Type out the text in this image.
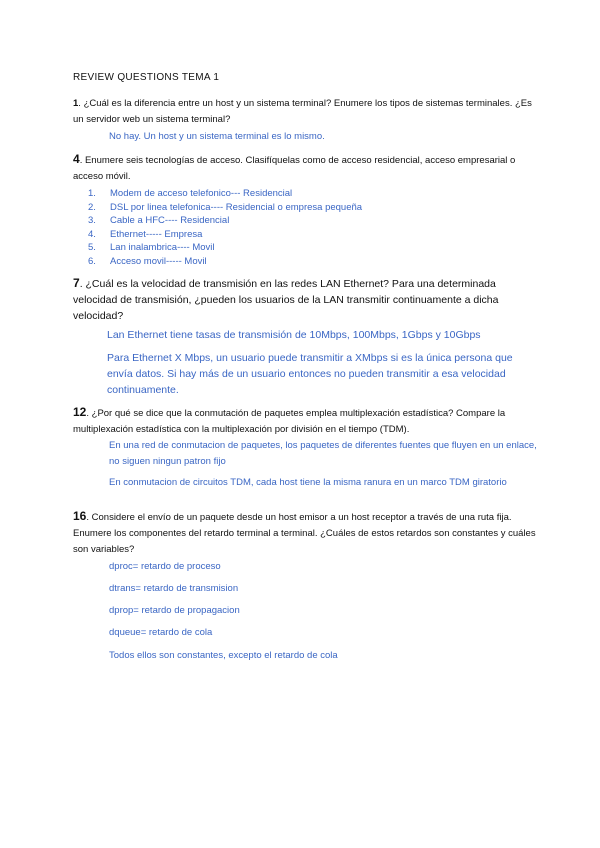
REVIEW QUESTIONS TEMA 1
1. ¿Cuál es la diferencia entre un host y un sistema terminal? Enumere los tipos de sistemas terminales. ¿Es un servidor web un sistema terminal?
No hay. Un host y un sistema terminal es lo mismo.
4. Enumere seis tecnologías de acceso. Clasifíquelas como de acceso residencial, acceso empresarial o acceso móvil.
1. Modem de acceso telefonico--- Residencial
2. DSL por linea telefonica---- Residencial o empresa pequeña
3. Cable a HFC---- Residencial
4. Ethernet----- Empresa
5. Lan inalambrica---- Movil
6. Acceso movil----- Movil
7. ¿Cuál es la velocidad de transmisión en las redes LAN Ethernet? Para una determinada velocidad de transmisión, ¿pueden los usuarios de la LAN transmitir continuamente a dicha velocidad?
Lan Ethernet tiene tasas de transmisión de 10Mbps, 100Mbps, 1Gbps y 10Gbps
Para Ethernet X Mbps, un usuario puede transmitir a XMbps si es la única persona que envía datos. Si hay más de un usuario entonces no pueden transmitir a esa velocidad continuamente.
12. ¿Por qué se dice que la conmutación de paquetes emplea multiplexación estadística? Compare la multiplexación estadística con la multiplexación por división en el tiempo (TDM).
En una red de conmutacion de paquetes, los paquetes de diferentes fuentes que fluyen en un enlace, no siguen ningun patron fijo
En conmutacion de circuitos TDM, cada host tiene la misma ranura en un marco TDM giratorio
16. Considere el envío de un paquete desde un host emisor a un host receptor a través de una ruta fija. Enumere los componentes del retardo terminal a terminal. ¿Cuáles de estos retardos son constantes y cuáles son variables?
dproc= retardo de proceso
dtrans= retardo de transmision
dprop= retardo de propagacion
dqueue= retardo de cola
Todos ellos son constantes, excepto el retardo de cola
